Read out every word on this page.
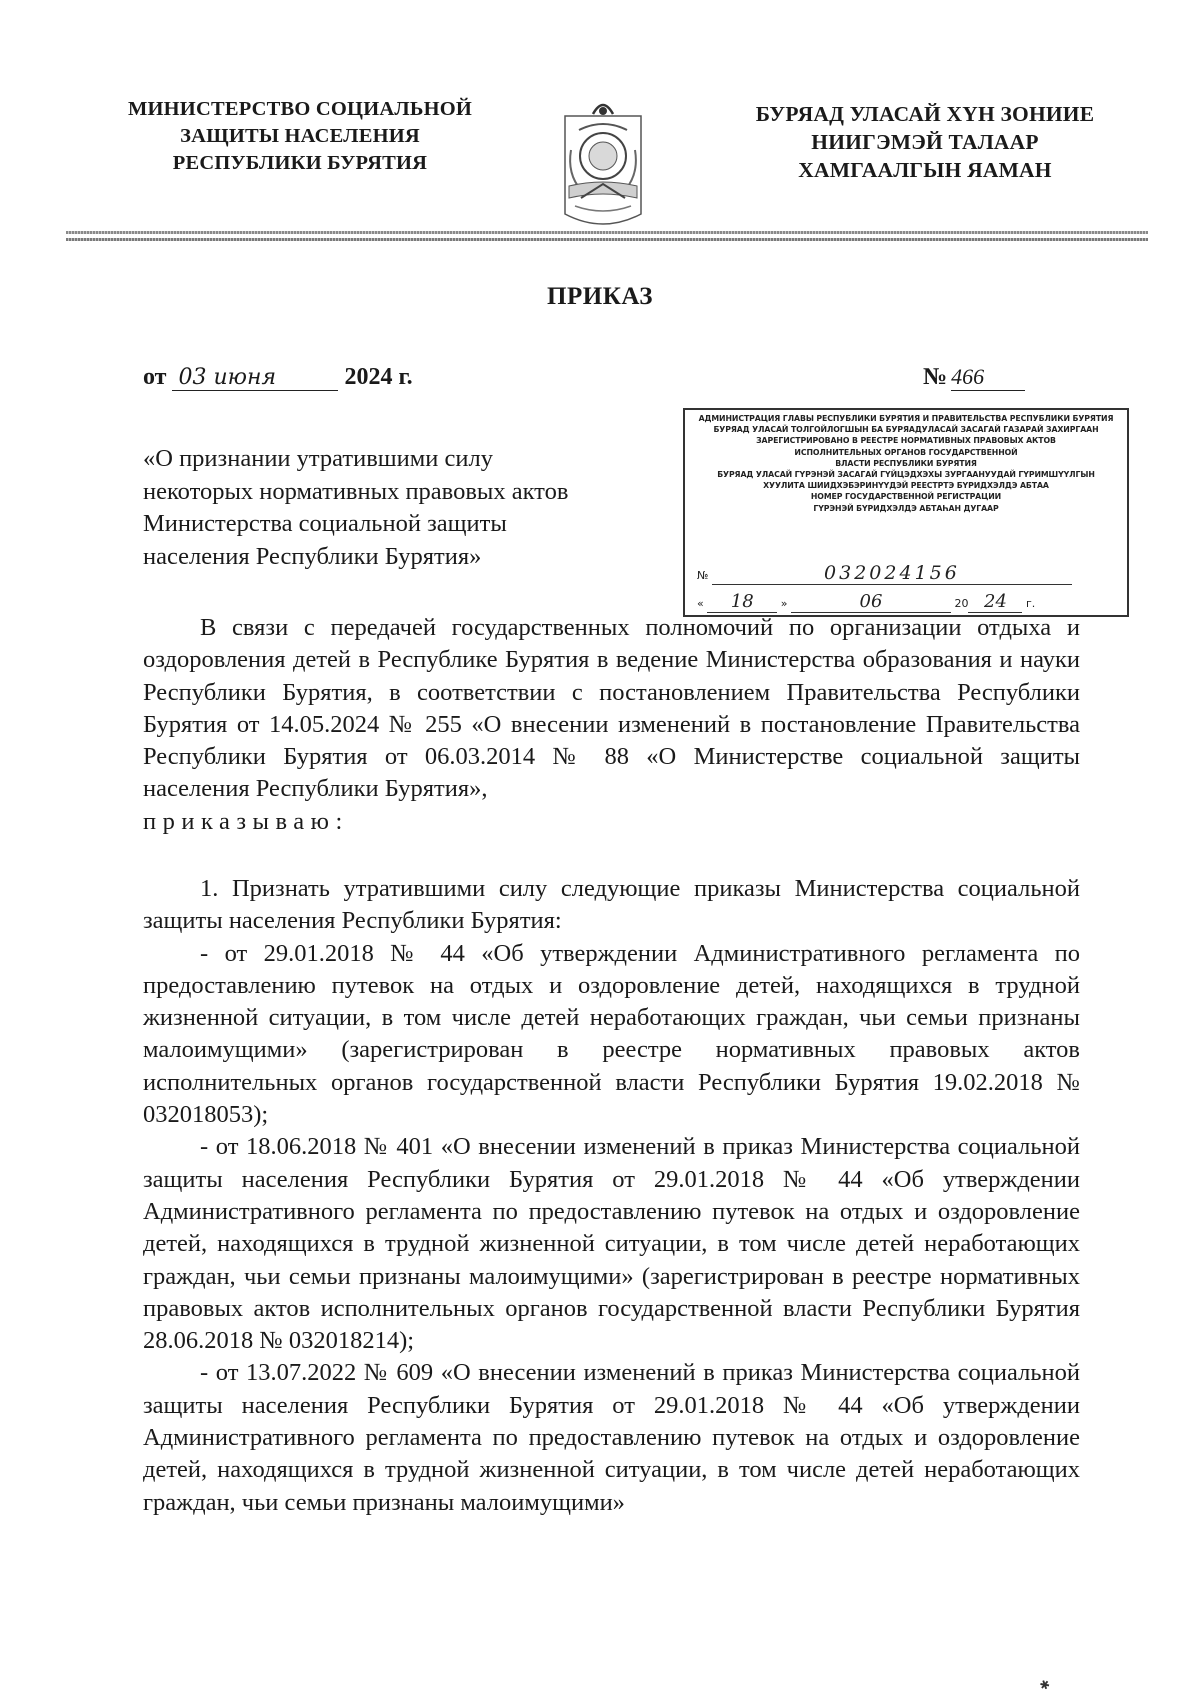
МИНИСТЕРСТВО СОЦИАЛЬНОЙ
ЗАЩИТЫ НАСЕЛЕНИЯ
РЕСПУБЛИКИ БУРЯТИЯ
БУРЯАД УЛАСАЙ ХҮН ЗОНИИЕ
НИИГЭМЭЙ ТАЛААР
ХАМГААЛГЫН ЯАМАН
ПРИКАЗ
от 03 июня	2024 г.	№ 466
«О признании утратившими силу
некоторых нормативных правовых актов
Министерства социальной защиты
населения Республики Бурятия»
АДМИНИСТРАЦИЯ ГЛАВЫ РЕСПУБЛИКИ БУРЯТИЯ И ПРАВИТЕЛЬСТВА РЕСПУБЛИКИ БУРЯТИЯ
БУРЯАД УЛАСАЙ ТОЛГОЙЛОГШЫН БА БУРЯАДУЛАСАЙ ЗАСАГАЙ ГАЗАРАЙ ЗАХИРГААН
ЗАРЕГИСТРИРОВАНО В РЕЕСТРЕ НОРМАТИВНЫХ ПРАВОВЫХ АКТОВ
ИСПОЛНИТЕЛЬНЫХ ОРГАНОВ ГОСУДАРСТВЕННОЙ
ВЛАСТИ РЕСПУБЛИКИ БУРЯТИЯ
БУРЯАД УЛАСАЙ ГҮРЭНЭЙ ЗАСАГАЙ ГҮЙЦЭДХЭХЫ ЗУРГААНУУДАЙ ГҮРИМШҮҮЛГЫН
ХУУЛИТА ШИИДХЭБЭРИНҮҮДЭЙ РЕЕСТРТЭ БҮРИДХЭЛДЭ АБТАА
НОМЕР ГОСУДАРСТВЕННОЙ РЕГИСТРАЦИИ
ГҮРЭНЭЙ БҮРИДХЭЛДЭ АБТАҺАН ДУГААР
№	032024156
« 18 »	06	20 24 г.

В связи с передачей государственных полномочий по организации отдыха и оздоровления детей в Республике Бурятия в ведение Министерства образования и науки Республики Бурятия, в соответствии с постановлением Правительства Республики Бурятия от 14.05.2024 № 255 «О внесении изменений в постановление Правительства Республики Бурятия от 06.03.2014 № 88 «О Министерстве социальной защиты населения Республики Бурятия»,

приказываю:

1. Признать утратившими силу следующие приказы Министерства социальной защиты населения Республики Бурятия:

- от 29.01.2018 № 44 «Об утверждении Административного регламента по предоставлению путевок на отдых и оздоровление детей, находящихся в трудной жизненной ситуации, в том числе детей неработающих граждан, чьи семьи признаны малоимущими» (зарегистрирован в реестре нормативных правовых актов исполнительных органов государственной власти Республики Бурятия 19.02.2018 № 032018053);

- от 18.06.2018 № 401 «О внесении изменений в приказ Министерства социальной защиты населения Республики Бурятия от 29.01.2018 № 44 «Об утверждении Административного регламента по предоставлению путевок на отдых и оздоровление детей, находящихся в трудной жизненной ситуации, в том числе детей неработающих граждан, чьи семьи признаны малоимущими» (зарегистрирован в реестре нормативных правовых актов исполнительных органов государственной власти Республики Бурятия 28.06.2018 № 032018214);

- от 13.07.2022 № 609 «О внесении изменений в приказ Министерства социальной защиты населения Республики Бурятия от 29.01.2018 № 44 «Об утверждении Административного регламента по предоставлению путевок на отдых и оздоровление детей, находящихся в трудной жизненной ситуации, в том числе детей неработающих граждан, чьи семьи признаны малоимущими»

✱
